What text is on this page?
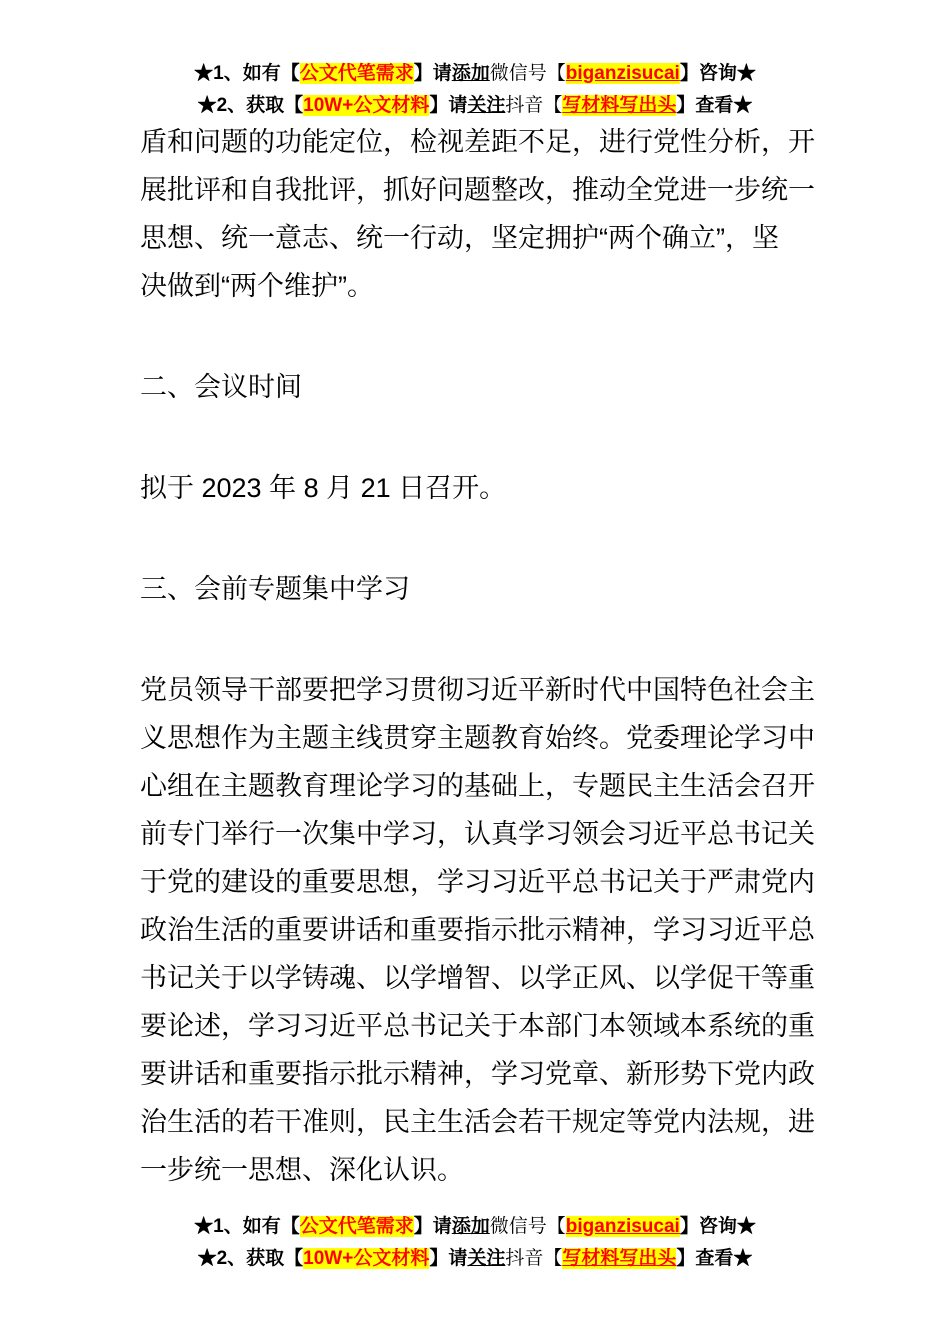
★1、如有【公文代笔需求】请添加微信号【biganzisucai】咨询★
★2、获取【10W+公文材料】请关注抖音【写材料写出头】查看★
盾和问题的功能定位，检视差距不足，进行党性分析，开
展批评和自我批评，抓好问题整改，推动全党进一步统一
思想、统一意志、统一行动，坚定拥护“两个确立”，坚
决做到“两个维护”。
二、会议时间
拟于 2023 年 8 月 21 日召开。
三、会前专题集中学习
党员领导干部要把学习贯彻习近平新时代中国特色社会主
义思想作为主题主线贯穿主题教育始终。党委理论学习中
心组在主题教育理论学习的基础上，专题民主生活会召开
前专门举行一次集中学习，认真学习领会习近平总书记关
于党的建设的重要思想，学习习近平总书记关于严肃党内
政治生活的重要讲话和重要指示批示精神，学习习近平总
书记关于以学铸魂、以学增智、以学正风、以学促干等重
要论述，学习习近平总书记关于本部门本领域本系统的重
要讲话和重要指示批示精神，学习党章、新形势下党内政
治生活的若干准则，民主生活会若干规定等党内法规，进
一步统一思想、深化认识。
★1、如有【公文代笔需求】请添加微信号【biganzisucai】咨询★
★2、获取【10W+公文材料】请关注抖音【写材料写出头】查看★
